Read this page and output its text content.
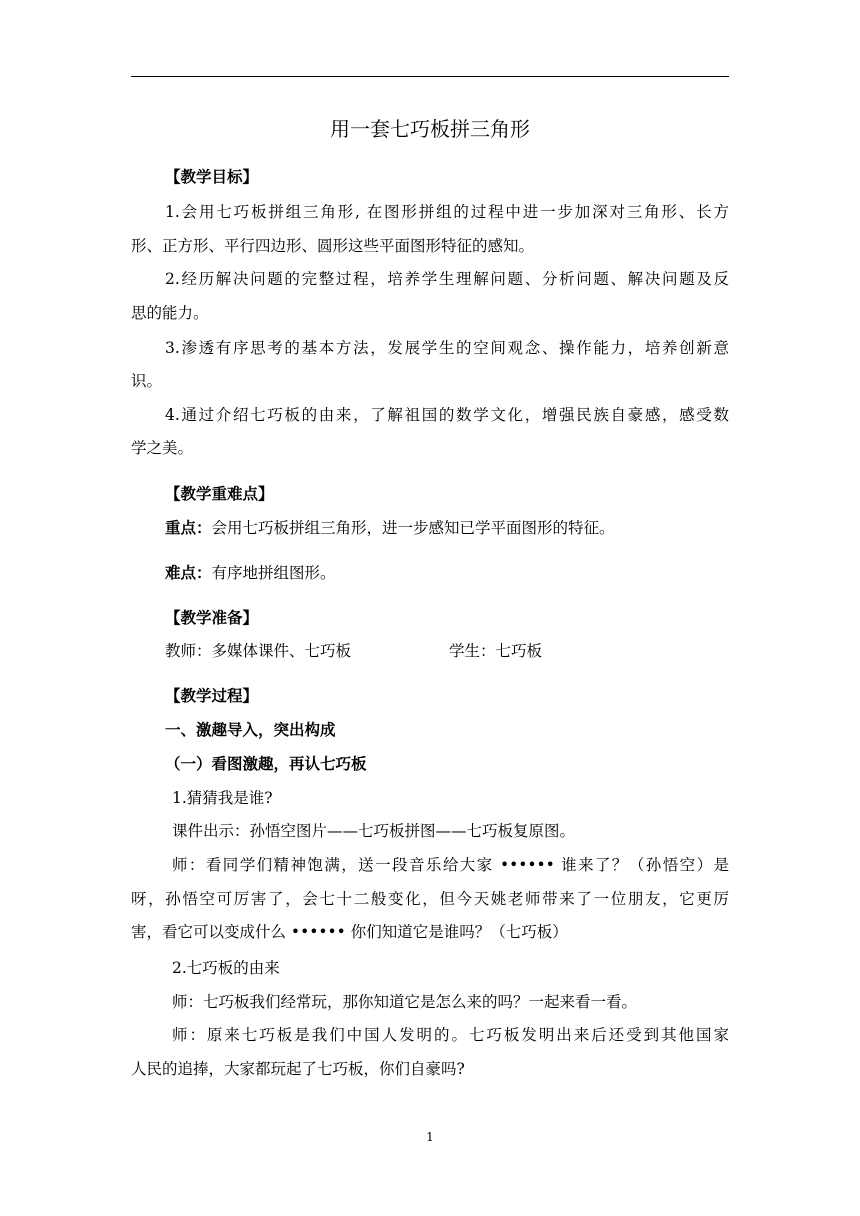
用一套七巧板拼三角形
【教学目标】
1.会用七巧板拼组三角形, 在图形拼组的过程中进一步加深对三角形、长方
形、正方形、平行四边形、圆形这些平面图形特征的感知。
2.经历解决问题的完整过程，培养学生理解问题、分析问题、解决问题及反
思的能力。
3.渗透有序思考的基本方法，发展学生的空间观念、操作能力，培养创新意
识。
4.通过介绍七巧板的由来，了解祖国的数学文化，增强民族自豪感，感受数
学之美。
【教学重难点】
重点：会用七巧板拼组三角形，进一步感知已学平面图形的特征。
难点：有序地拼组图形。
【教学准备】
教师：多媒体课件、七巧板	学生：七巧板
【教学过程】
一、激趣导入，突出构成
（一）看图激趣，再认七巧板
1.猜猜我是谁?
课件出示：孙悟空图片——七巧板拼图——七巧板复原图。
师：看同学们精神饱满，送一段音乐给大家 •••••• 谁来了？（孙悟空）是
呀，孙悟空可厉害了，会七十二般变化，但今天姚老师带来了一位朋友，它更厉
害，看它可以变成什么 •••••• 你们知道它是谁吗？（七巧板）
2.七巧板的由来
师：七巧板我们经常玩，那你知道它是怎么来的吗？一起来看一看。
师：原来七巧板是我们中国人发明的。七巧板发明出来后还受到其他国家
人民的追捧，大家都玩起了七巧板，你们自豪吗?
1
